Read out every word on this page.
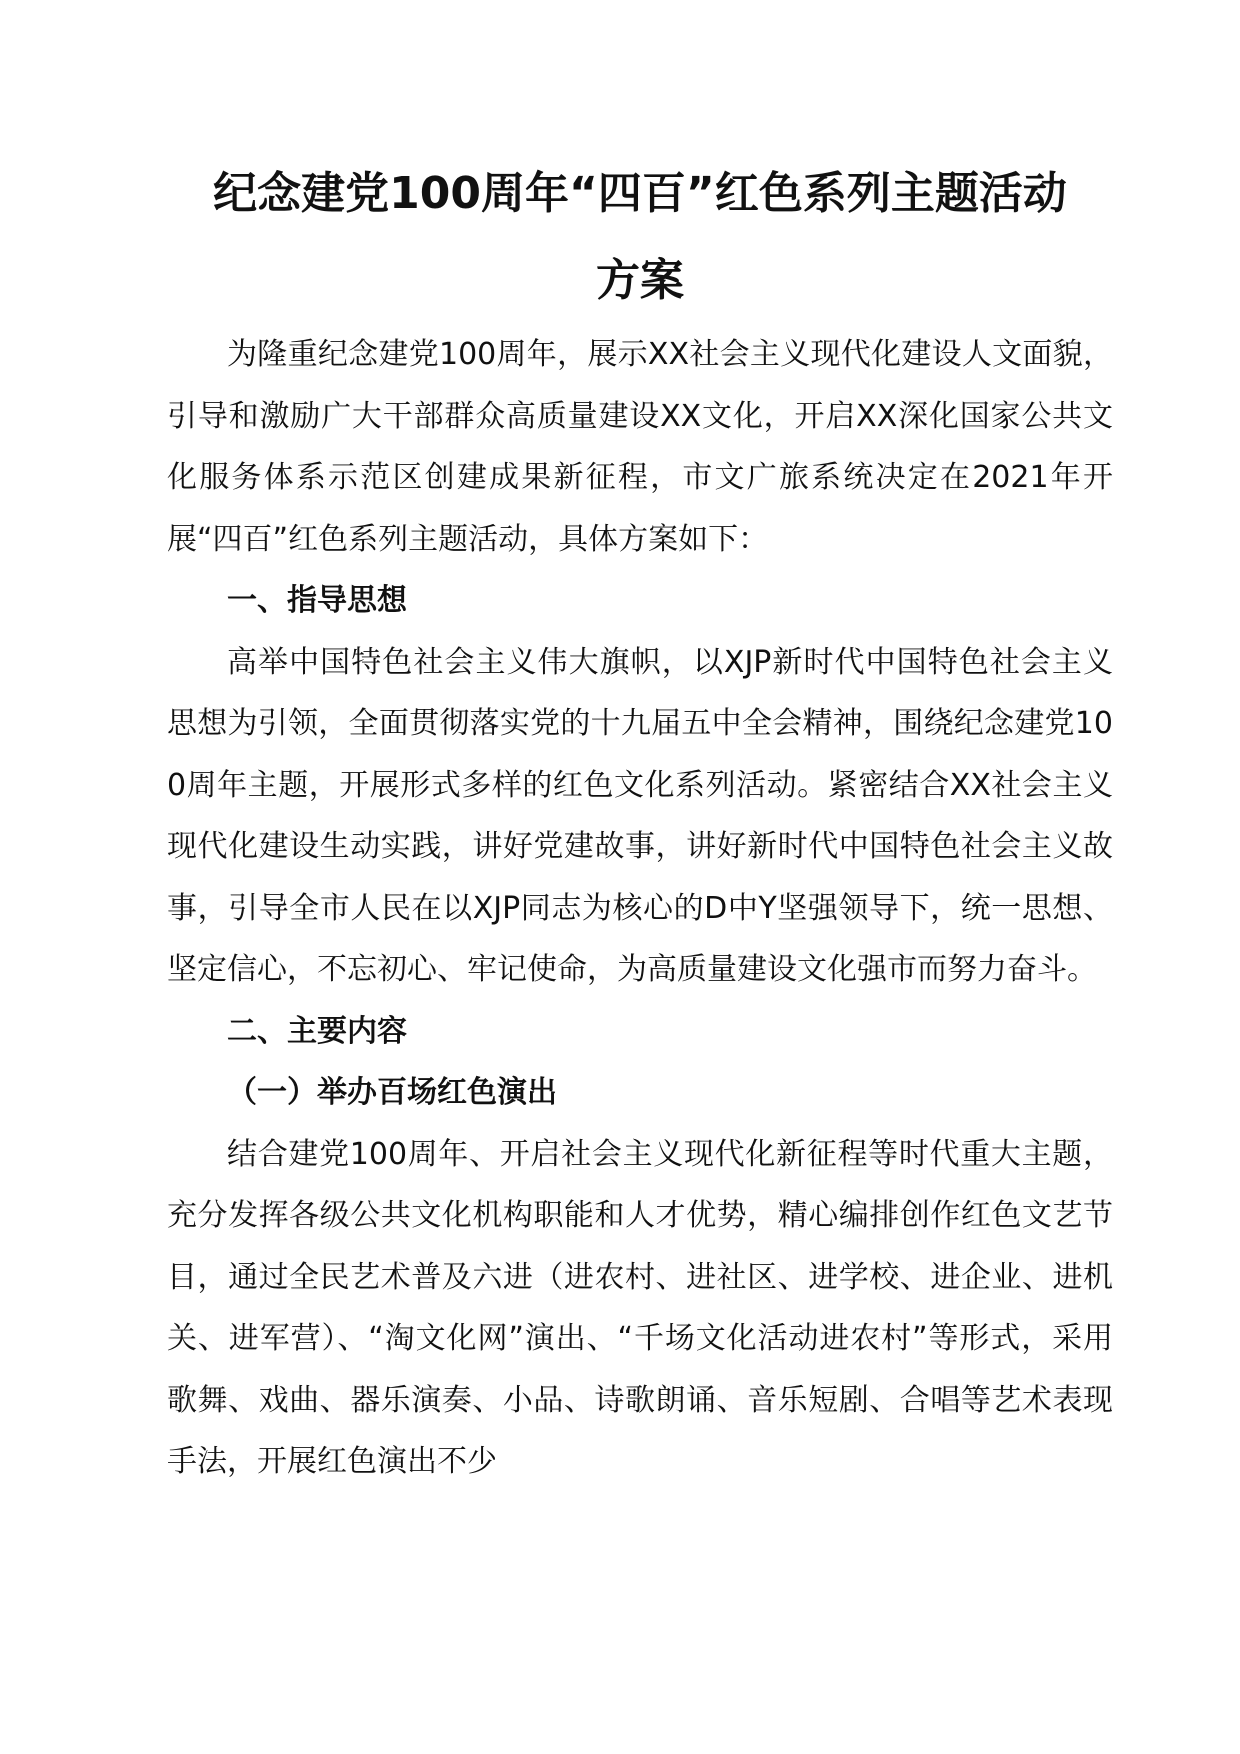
纪念建党100周年“四百”红色系列主题活动
方案

为隆重纪念建党100周年，展示XX社会主义现代化建设人文面貌，引导和激励广大干部群众高质量建设XX文化，开启XX深化国家公共文化服务体系示范区创建成果新征程，市文广旅系统决定在2021年开展“四百”红色系列主题活动，具体方案如下：

一、指导思想

高举中国特色社会主义伟大旗帜，以XJP新时代中国特色社会主义思想为引领，全面贯彻落实党的十九届五中全会精神，围绕纪念建党100周年主题，开展形式多样的红色文化系列活动。紧密结合XX社会主义现代化建设生动实践，讲好党建故事，讲好新时代中国特色社会主义故事，引导全市人民在以XJP同志为核心的D中Y坚强领导下，统一思想、坚定信心，不忘初心、牢记使命，为高质量建设文化强市而努力奋斗。

二、主要内容

（一）举办百场红色演出

结合建党100周年、开启社会主义现代化新征程等时代重大主题，充分发挥各级公共文化机构职能和人才优势，精心编排创作红色文艺节目，通过全民艺术普及六进（进农村、进社区、进学校、进企业、进机关、进军营）、“淘文化网”演出、“千场文化活动进农村”等形式，采用歌舞、戏曲、器乐演奏、小品、诗歌朗诵、音乐短剧、合唱等艺术表现手法，开展红色演出不少
